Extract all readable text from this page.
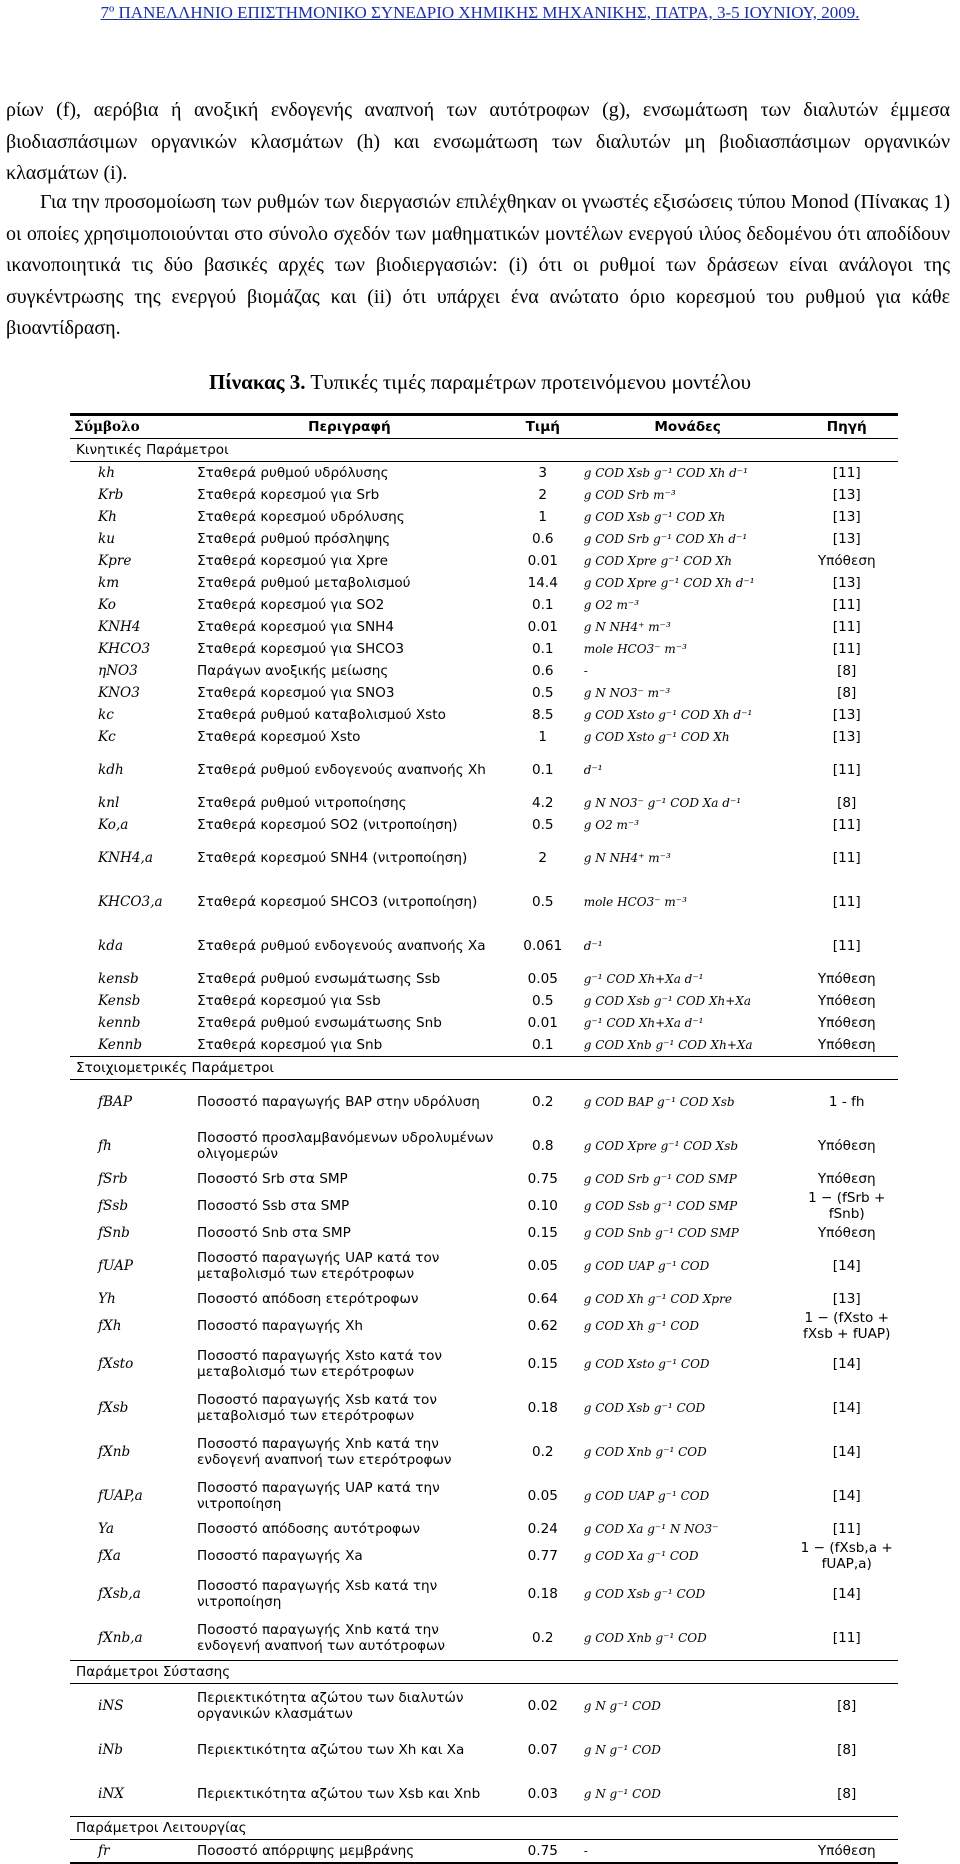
7º ΠΑΝΕΛΛΗΝΙΟ ΕΠΙΣΤΗΜΟΝΙΚΟ ΣΥΝΕΔΡΙΟ ΧΗΜΙΚΗΣ ΜΗΧΑΝΙΚΗΣ, ΠΑΤΡΑ, 3-5 ΙΟΥΝΙΟΥ, 2009.
ρίων (f), αερόβια ή ανοξική ενδογενής αναπνοή των αυτότροφων (g), ενσωμάτωση των διαλυτών έμμεσα βιοδιασπάσιμων οργανικών κλασμάτων (h) και ενσωμάτωση των διαλυτών μη βιοδιασπάσιμων οργανικών κλασμάτων (i).
Για την προσομοίωση των ρυθμών των διεργασιών επιλέχθηκαν οι γνωστές εξισώσεις τύπου Monod (Πίνακας 1) οι οποίες χρησιμοποιούνται στο σύνολο σχεδόν των μαθηματικών μοντέλων ενεργού ιλύος δεδομένου ότι αποδίδουν ικανοποιητικά τις δύο βασικές αρχές των βιοδιεργασιών: (i) ότι οι ρυθμοί των δράσεων είναι ανάλογοι της συγκέντρωσης της ενεργού βιομάζας και (ii) ότι υπάρχει ένα ανώτατο όριο κορεσμού του ρυθμού για κάθε βιοαντίδραση.
Πίνακας 3. Τυπικές τιμές παραμέτρων προτεινόμενου μοντέλου
Σύμβολο	Περιγραφή	Τιμή	Μονάδες	Πηγή
Κινητικές Παράμετροι				
kh	Σταθερά ρυθμού υδρόλυσης	3	g COD Xsb g⁻¹ COD Xh d⁻¹	[11]
Krb	Σταθερά κορεσμού για Srb	2	g COD Srb m⁻³	[13]
Kh	Σταθερά κορεσμού υδρόλυσης	1	g COD Xsb g⁻¹ COD Xh	[13]
ku	Σταθερά ρυθμού πρόσληψης	0.6	g COD Srb g⁻¹ COD Xh d⁻¹	[13]
Kpre	Σταθερά κορεσμού για Xpre	0.01	g COD Xpre g⁻¹ COD Xh	Υπόθεση
km	Σταθερά ρυθμού μεταβολισμού	14.4	g COD Xpre g⁻¹ COD Xh d⁻¹	[13]
Ko	Σταθερά κορεσμού για SO2	0.1	g O2 m⁻³	[11]
KNH4	Σταθερά κορεσμού για SNH4	0.01	g N NH4⁺ m⁻³	[11]
KHCO3	Σταθερά κορεσμού για SHCO3	0.1	mole HCO3⁻ m⁻³	[11]
ηNO3	Παράγων ανοξικής μείωσης	0.6	-	[8]
KNO3	Σταθερά κορεσμού για SNO3	0.5	g N NO3⁻ m⁻³	[8]
kc	Σταθερά ρυθμού καταβολισμού Xsto	8.5	g COD Xsto g⁻¹ COD Xh d⁻¹	[13]
Kc	Σταθερά κορεσμού Xsto	1	g COD Xsto g⁻¹ COD Xh	[13]
kdh	Σταθερά ρυθμού ενδογενούς αναπνοής Xh	0.1	d⁻¹	[11]
knl	Σταθερά ρυθμού νιτροποίησης	4.2	g N NO3⁻ g⁻¹ COD Xa d⁻¹	[8]
Ko,a	Σταθερά κορεσμού SO2 (νιτροποίηση)	0.5	g O2 m⁻³	[11]
KNH4,a	Σταθερά κορεσμού SNH4 (νιτροποίηση)	2	g N NH4⁺ m⁻³	[11]
KHCO3,a	Σταθερά κορεσμού SHCO3 (νιτροποίηση)	0.5	mole HCO3⁻ m⁻³	[11]
kda	Σταθερά ρυθμού ενδογενούς αναπνοής Xa	0.061	d⁻¹	[11]
kensb	Σταθερά ρυθμού ενσωμάτωσης Ssb	0.05	g⁻¹ COD Xh+Xa d⁻¹	Υπόθεση
Kensb	Σταθερά κορεσμού για Ssb	0.5	g COD Xsb g⁻¹ COD Xh+Xa	Υπόθεση
kennb	Σταθερά ρυθμού ενσωμάτωσης Snb	0.01	g⁻¹ COD Xh+Xa d⁻¹	Υπόθεση
Kennb	Σταθερά κορεσμού για Snb	0.1	g COD Xnb g⁻¹ COD Xh+Xa	Υπόθεση
Στοιχιομετρικές Παράμετροι				
fBAP	Ποσοστό παραγωγής BAP στην υδρόλυση	0.2	g COD BAP g⁻¹ COD Xsb	1 - fh
fh	Ποσοστό προσλαμβανόμενων υδρολυμένων ολιγομερών	0.8	g COD Xpre g⁻¹ COD Xsb	Υπόθεση
fSrb	Ποσοστό Srb στα SMP	0.75	g COD Srb g⁻¹ COD SMP	Υπόθεση
fSsb	Ποσοστό Ssb στα SMP	0.10	g COD Ssb g⁻¹ COD SMP	1 − (fSrb + fSnb)
fSnb	Ποσοστό Snb στα SMP	0.15	g COD Snb g⁻¹ COD SMP	Υπόθεση
fUAP	Ποσοστό παραγωγής UAP κατά τον μεταβολισμό των ετερότροφων	0.05	g COD UAP g⁻¹ COD	[14]
Yh	Ποσοστό απόδοση ετερότροφων	0.64	g COD Xh g⁻¹ COD Xpre	[13]
fXh	Ποσοστό παραγωγής Xh	0.62	g COD Xh g⁻¹ COD	1 − (fXsto + fXsb + fUAP)
fXsto	Ποσοστό παραγωγής Xsto κατά τον μεταβολισμό των ετερότροφων	0.15	g COD Xsto g⁻¹ COD	[14]
fXsb	Ποσοστό παραγωγής Xsb κατά τον μεταβολισμό των ετερότροφων	0.18	g COD Xsb g⁻¹ COD	[14]
fXnb	Ποσοστό παραγωγής Xnb κατά την ενδογενή αναπνοή των ετερότροφων	0.2	g COD Xnb g⁻¹ COD	[14]
fUAP,a	Ποσοστό παραγωγής UAP κατά την νιτροποίηση	0.05	g COD UAP g⁻¹ COD	[14]
Ya	Ποσοστό απόδοσης αυτότροφων	0.24	g COD Xa g⁻¹ N NO3⁻	[11]
fXa	Ποσοστό παραγωγής Xa	0.77	g COD Xa g⁻¹ COD	1 − (fXsb,a + fUAP,a)
fXsb,a	Ποσοστό παραγωγής Xsb κατά την νιτροποίηση	0.18	g COD Xsb g⁻¹ COD	[14]
fXnb,a	Ποσοστό παραγωγής Xnb κατά την ενδογενή αναπνοή των αυτότροφων	0.2	g COD Xnb g⁻¹ COD	[11]
Παράμετροι Σύστασης				
iNS	Περιεκτικότητα αζώτου των διαλυτών οργανικών κλασμάτων	0.02	g N g⁻¹ COD	[8]
iNb	Περιεκτικότητα αζώτου των Xh και Xa	0.07	g N g⁻¹ COD	[8]
iNX	Περιεκτικότητα αζώτου των Xsb και Xnb	0.03	g N g⁻¹ COD	[8]
Παράμετροι Λειτουργίας				
fr	Ποσοστό απόρριψης μεμβράνης	0.75	-	Υπόθεση
